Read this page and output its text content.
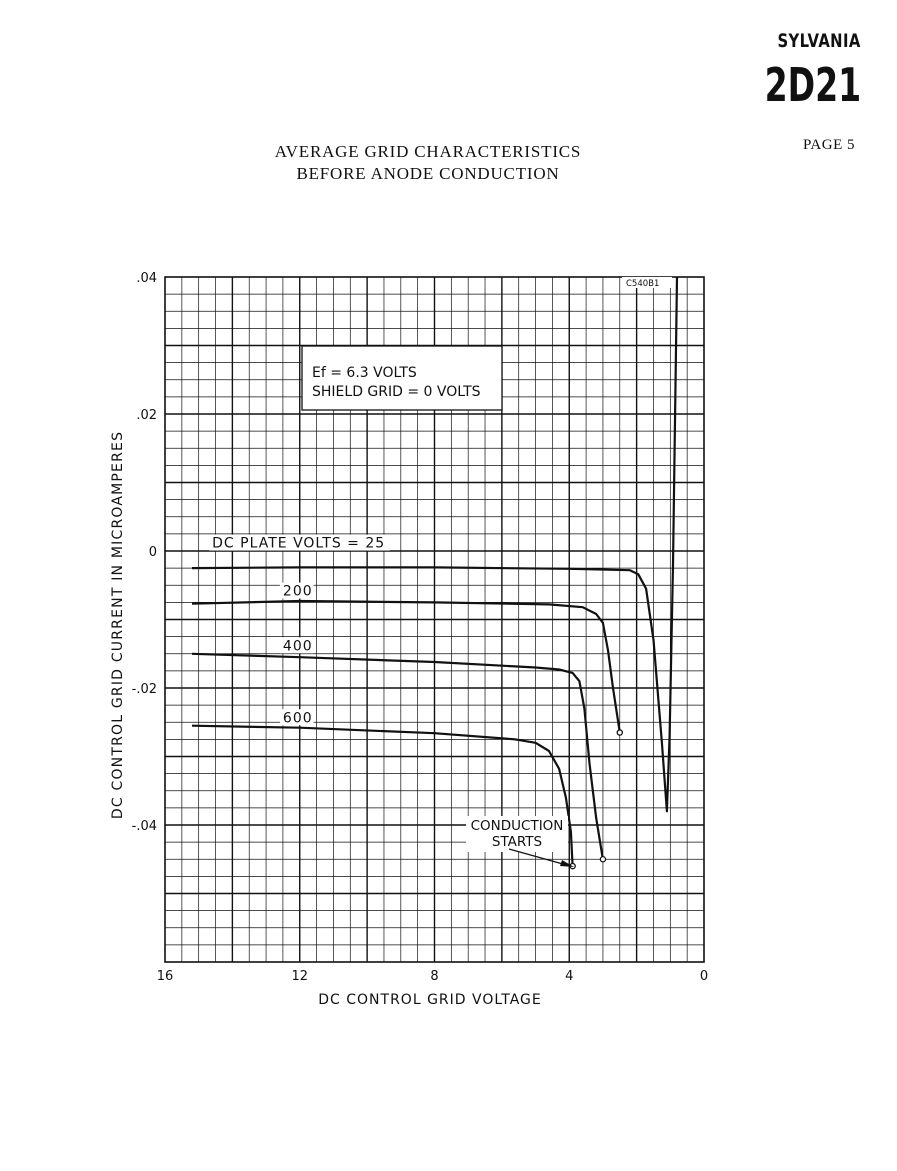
SYLVANIA
2D21
PAGE 5
AVERAGE GRID CHARACTERISTICS
BEFORE ANODE CONDUCTION
16	12	8	4	0
.04
.02
0
-.02
-.04
Ef = 6.3 VOLTS
SHIELD GRID = 0 VOLTS
C540B1
DC PLATE VOLTS = 25
200
400
600
CONDUCTION
STARTS
DC CONTROL GRID VOLTAGE
DC CONTROL GRID CURRENT IN MICROAMPERES
